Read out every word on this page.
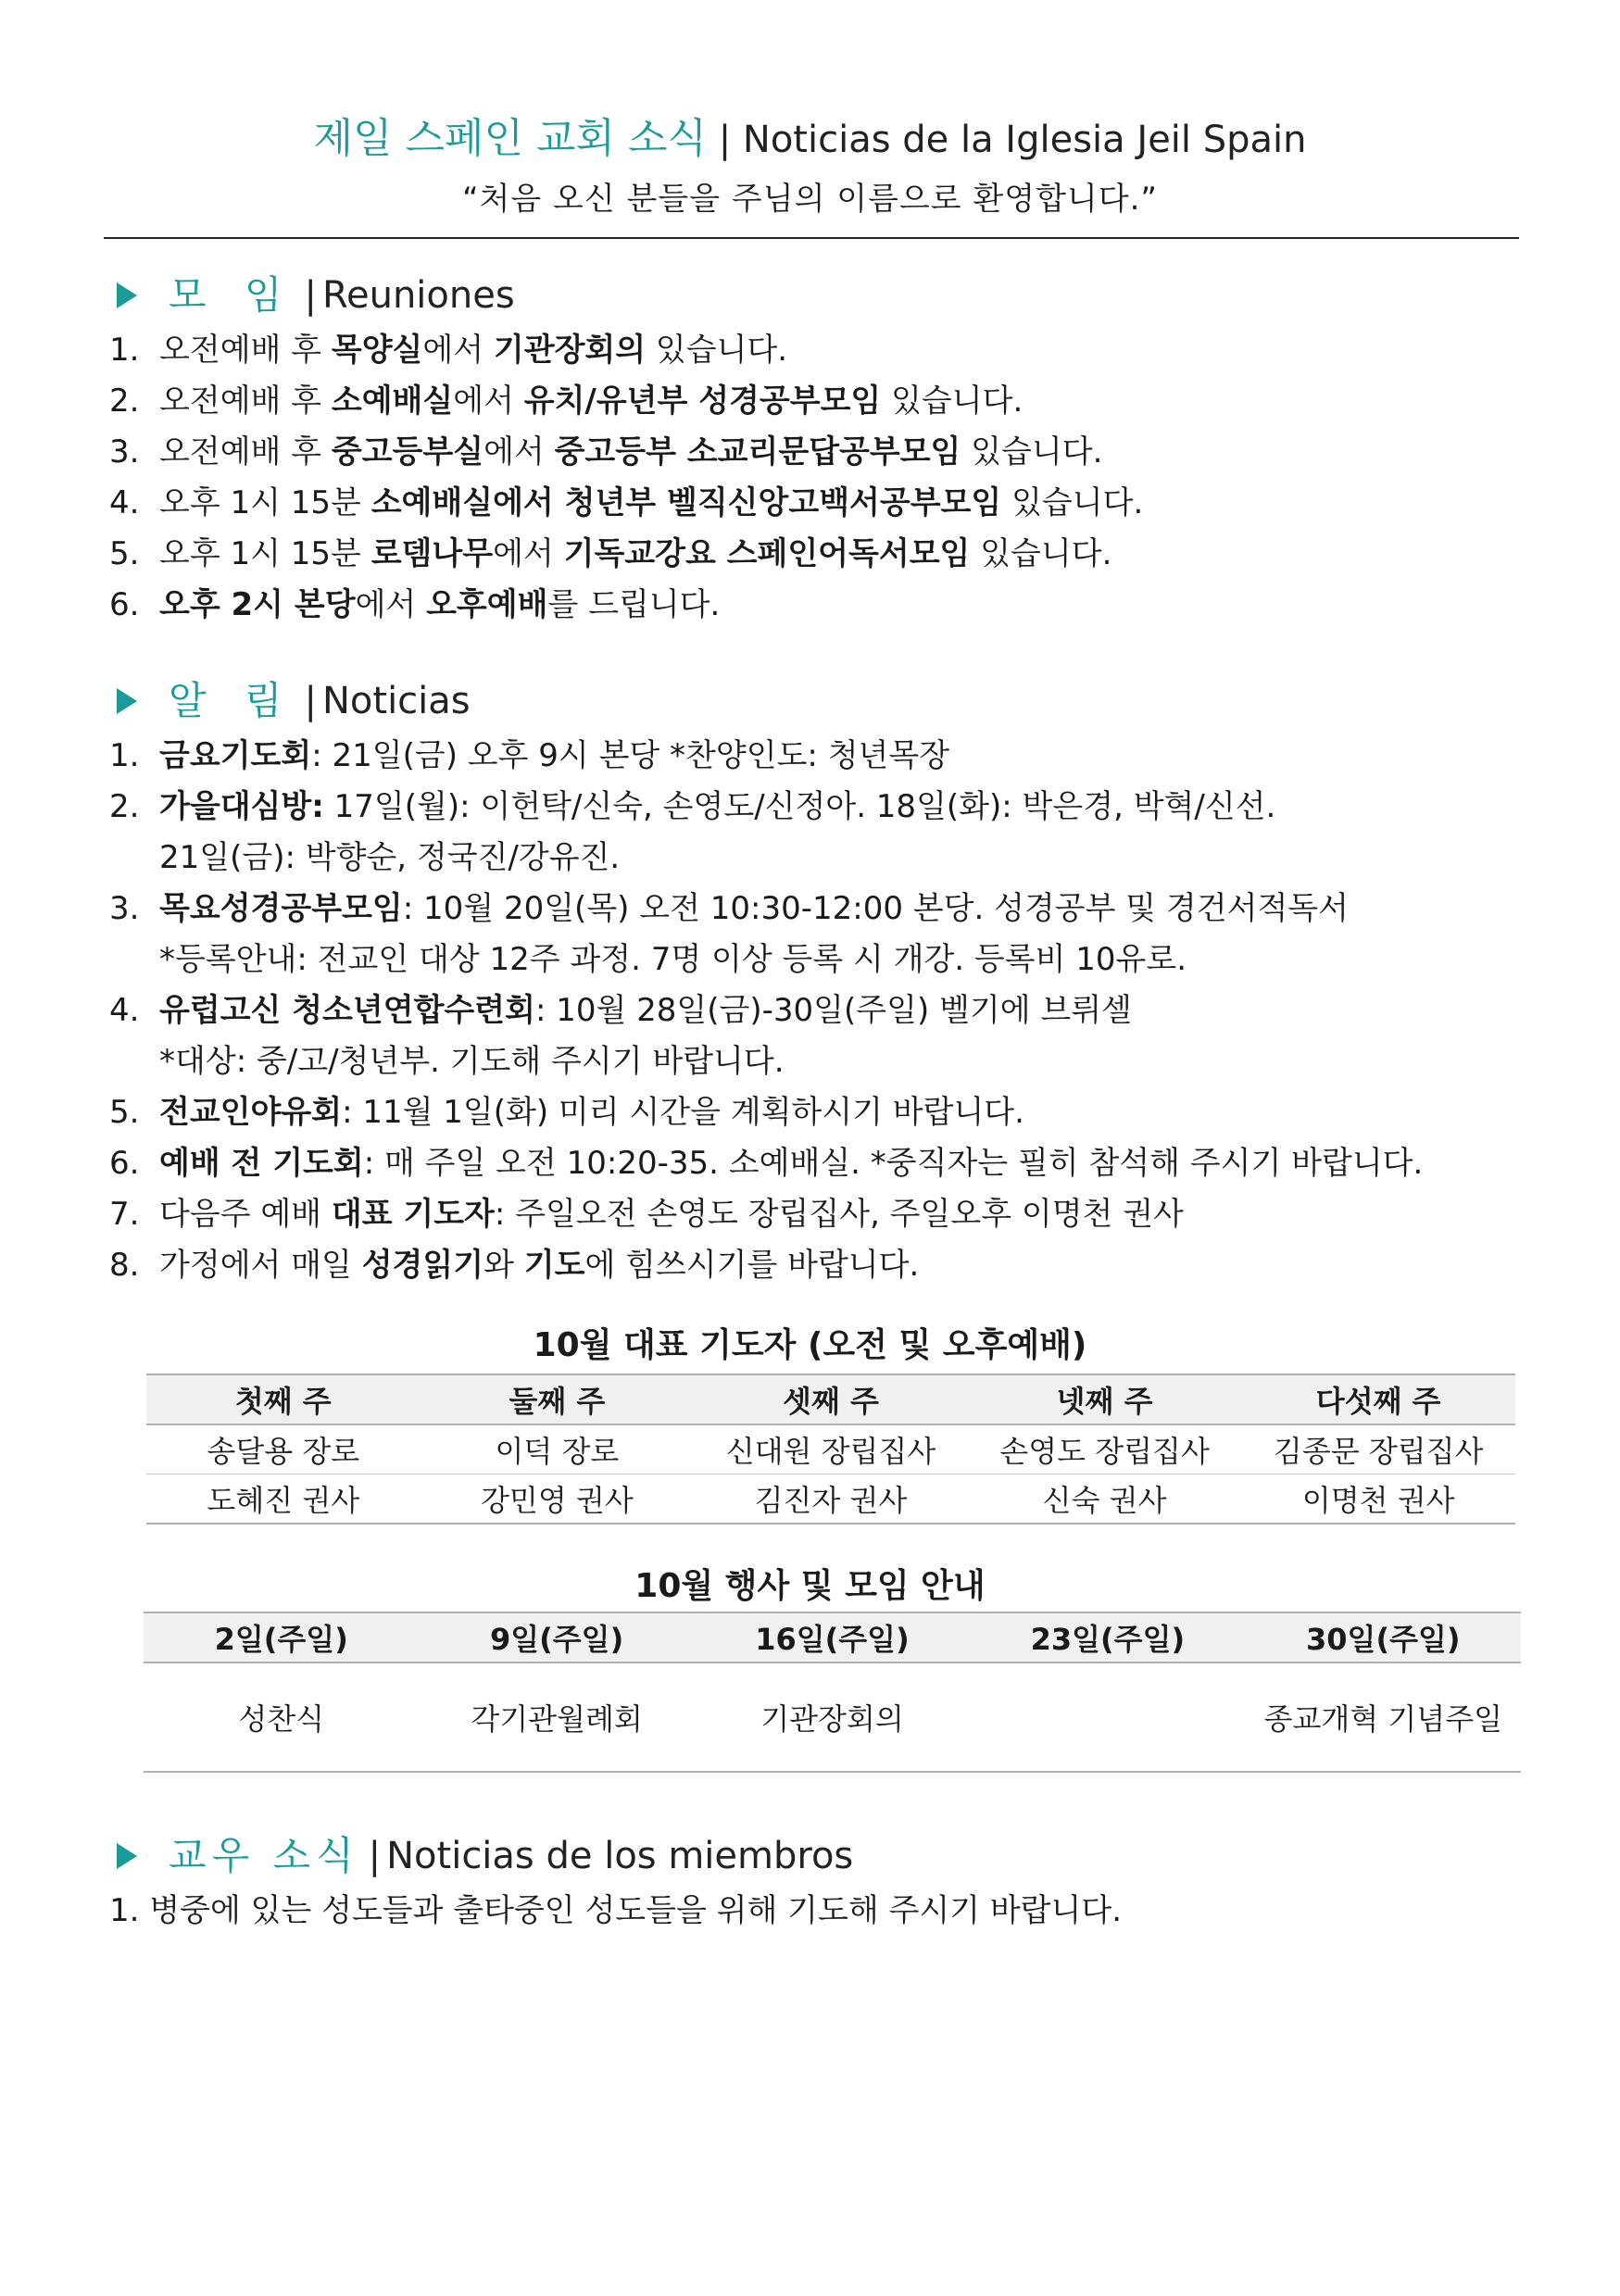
제일 스페인 교회 소식 | Noticias de la Iglesia Jeil Spain
“처음 오신 분들을 주님의 이름으로 환영합니다.”
모 임 | Reuniones
1. 오전예배 후 목양실에서 기관장회의 있습니다.
2. 오전예배 후 소예배실에서 유치/유년부 성경공부모임 있습니다.
3. 오전예배 후 중고등부실에서 중고등부 소교리문답공부모임 있습니다.
4. 오후 1시 15분 소예배실에서 청년부 벨직신앙고백서공부모임 있습니다.
5. 오후 1시 15분 로뎀나무에서 기독교강요 스페인어독서모임 있습니다.
6. 오후 2시 본당에서 오후예배를 드립니다.
알 림 | Noticias
1. 금요기도회: 21일(금) 오후 9시 본당 *찬양인도: 청년목장
2. 가을대심방: 17일(월): 이헌탁/신숙, 손영도/신정아. 18일(화): 박은경, 박혁/신선.
21일(금): 박향순, 정국진/강유진.
3. 목요성경공부모임: 10월 20일(목) 오전 10:30-12:00 본당. 성경공부 및 경건서적독서
*등록안내: 전교인 대상 12주 과정. 7명 이상 등록 시 개강. 등록비 10유로.
4. 유럽고신 청소년연합수련회: 10월 28일(금)-30일(주일) 벨기에 브뤼셀
*대상: 중/고/청년부. 기도해 주시기 바랍니다.
5. 전교인야유회: 11월 1일(화) 미리 시간을 계획하시기 바랍니다.
6. 예배 전 기도회: 매 주일 오전 10:20-35. 소예배실. *중직자는 필히 참석해 주시기 바랍니다.
7. 다음주 예배 대표 기도자: 주일오전 손영도 장립집사, 주일오후 이명천 권사
8. 가정에서 매일 성경읽기와 기도에 힘쓰시기를 바랍니다.
10월 대표 기도자 (오전 및 오후예배)
첫째 주	둘째 주	셋째 주	넷째 주	다섯째 주
송달용 장로	이덕 장로	신대원 장립집사	손영도 장립집사	김종문 장립집사
도혜진 권사	강민영 권사	김진자 권사	신숙 권사	이명천 권사
10월 행사 및 모임 안내
2일(주일)	9일(주일)	16일(주일)	23일(주일)	30일(주일)
성찬식	각기관월례회	기관장회의		종교개혁 기념주일
교우 소식 | Noticias de los miembros
1. 병중에 있는 성도들과 출타중인 성도들을 위해 기도해 주시기 바랍니다.
